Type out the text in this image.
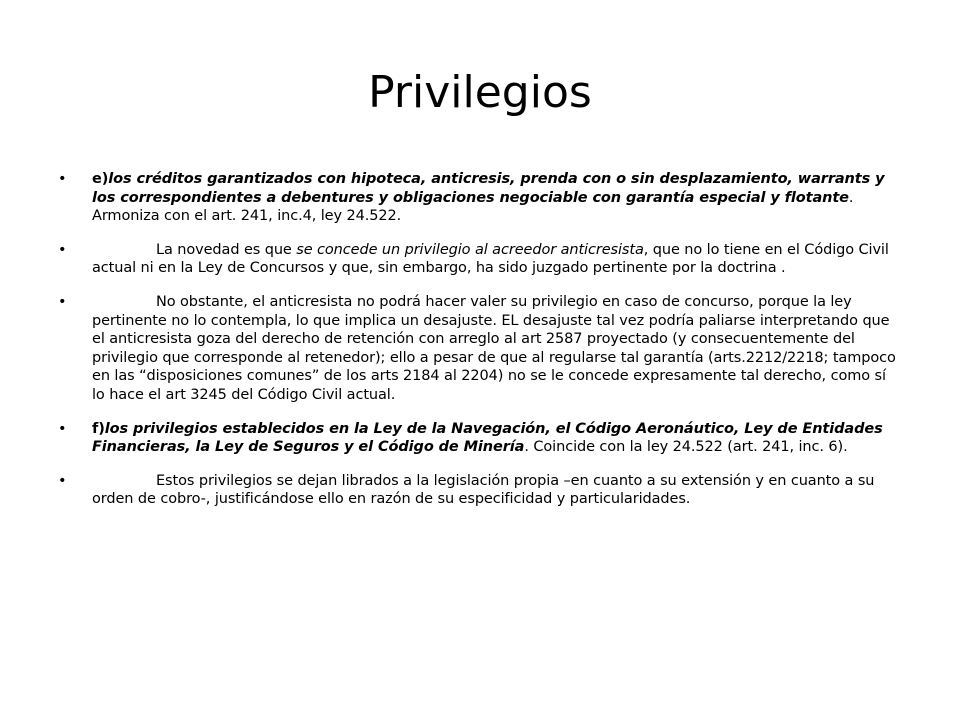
Privilegios
• e)los créditos garantizados con hipoteca, anticresis, prenda con o sin desplazamiento, warrants y los correspondientes a debentures y obligaciones negociable con garantía especial y flotante. Armoniza con el art. 241, inc.4, ley 24.522.
•	La novedad es que se concede un privilegio al acreedor anticresista, que no lo tiene en el Código Civil actual ni en la Ley de Concursos y que, sin embargo, ha sido juzgado pertinente por la doctrina .
•	No obstante, el anticresista no podrá hacer valer su privilegio en caso de concurso, porque la ley pertinente no lo contempla, lo que implica un desajuste. EL desajuste tal vez podría paliarse interpretando que el anticresista goza del derecho de retención con arreglo al art 2587 proyectado (y consecuentemente del privilegio que corresponde al retenedor); ello a pesar de que al regularse tal garantía (arts.2212/2218; tampoco en las “disposiciones comunes” de los arts 2184 al 2204) no se le concede expresamente tal derecho, como sí lo hace el art 3245 del Código Civil actual.
• f)los privilegios establecidos en la Ley de la Navegación, el Código Aeronáutico, Ley de Entidades Financieras, la Ley de Seguros y el Código de Minería. Coincide con la ley 24.522 (art. 241, inc. 6).
•	Estos privilegios se dejan librados a la legislación propia –en cuanto a su extensión y en cuanto a su orden de cobro-, justificándose ello en razón de su especificidad y particularidades.
